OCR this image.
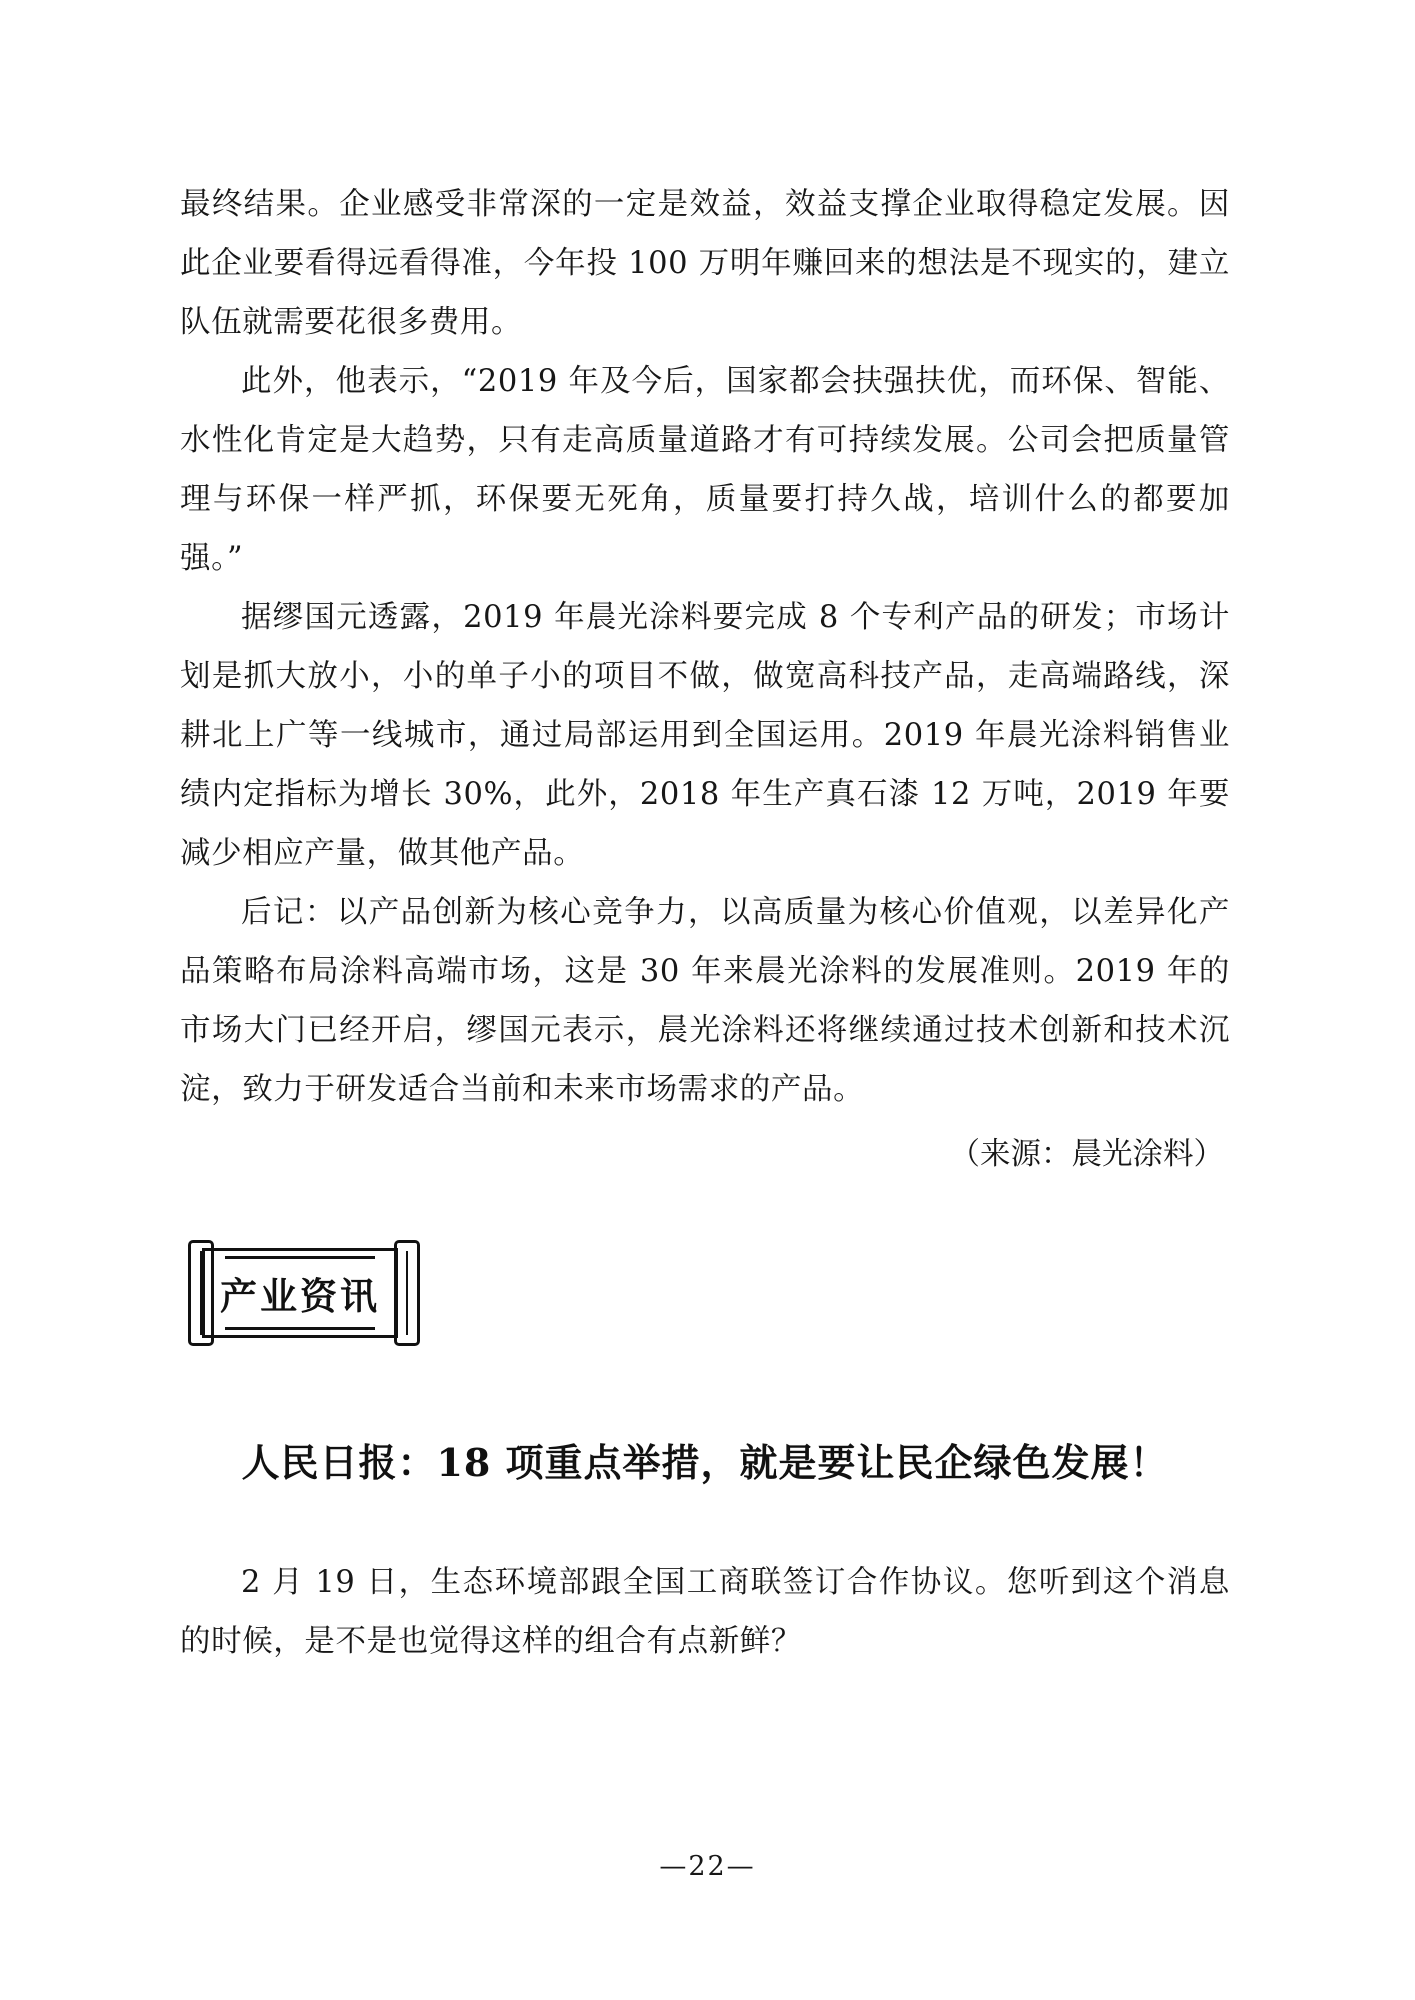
最终结果。企业感受非常深的一定是效益，效益支撑企业取得稳定发展。因此企业要看得远看得准，今年投 100 万明年赚回来的想法是不现实的，建立队伍就需要花很多费用。

此外，他表示，“2019 年及今后，国家都会扶强扶优，而环保、智能、水性化肯定是大趋势，只有走高质量道路才有可持续发展。公司会把质量管理与环保一样严抓，环保要无死角，质量要打持久战，培训什么的都要加强。”

据缪国元透露，2019 年晨光涂料要完成 8 个专利产品的研发；市场计划是抓大放小，小的单子小的项目不做，做宽高科技产品，走高端路线，深耕北上广等一线城市，通过局部运用到全国运用。2019 年晨光涂料销售业绩内定指标为增长 30%，此外，2018 年生产真石漆 12 万吨，2019 年要减少相应产量，做其他产品。

后记：以产品创新为核心竞争力，以高质量为核心价值观，以差异化产品策略布局涂料高端市场，这是 30 年来晨光涂料的发展准则。2019 年的市场大门已经开启，缪国元表示，晨光涂料还将继续通过技术创新和技术沉淀，致力于研发适合当前和未来市场需求的产品。

（来源：晨光涂料）
产业资讯
人民日报：18 项重点举措，就是要让民企绿色发展！

2 月 19 日，生态环境部跟全国工商联签订合作协议。您听到这个消息的时候，是不是也觉得这样的组合有点新鲜？

—22—
